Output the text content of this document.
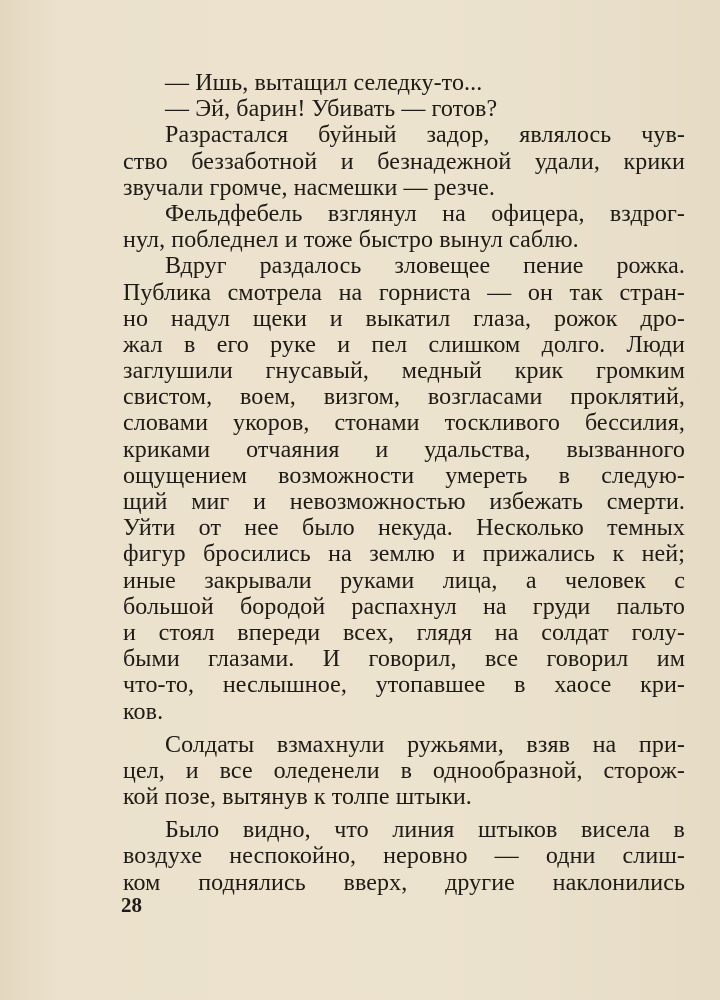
— Ишь, вытащил селедку-то...
— Эй, барин! Убивать — готов?
Разрастался буйный задор, являлось чув-
ство беззаботной и безнадежной удали, крики
звучали громче, насмешки — резче.
Фельдфебель взглянул на офицера, вздрог-
нул, побледнел и тоже быстро вынул саблю.
Вдруг раздалось зловещее пение рожка.
Публика смотрела на горниста — он так стран-
но надул щеки и выкатил глаза, рожок дро-
жал в его руке и пел слишком долго. Люди
заглушили гнусавый, медный крик громким
свистом, воем, визгом, возгласами проклятий,
словами укоров, стонами тоскливого бессилия,
криками отчаяния и удальства, вызванного
ощущением возможности умереть в следую-
щий миг и невозможностью избежать смерти.
Уйти от нее было некуда. Несколько темных
фигур бросились на землю и прижались к ней;
иные закрывали руками лица, а человек с
большой бородой распахнул на груди пальто
и стоял впереди всех, глядя на солдат голу-
быми глазами. И говорил, все говорил им
что-то, неслышное, утопавшее в хаосе кри-
ков.
Солдаты взмахнули ружьями, взяв на при-
цел, и все оледенели в однообразной, сторож-
кой позе, вытянув к толпе штыки.
Было видно, что линия штыков висела в
воздухе неспокойно, неровно — одни слиш-
ком поднялись вверх, другие наклонились
28
